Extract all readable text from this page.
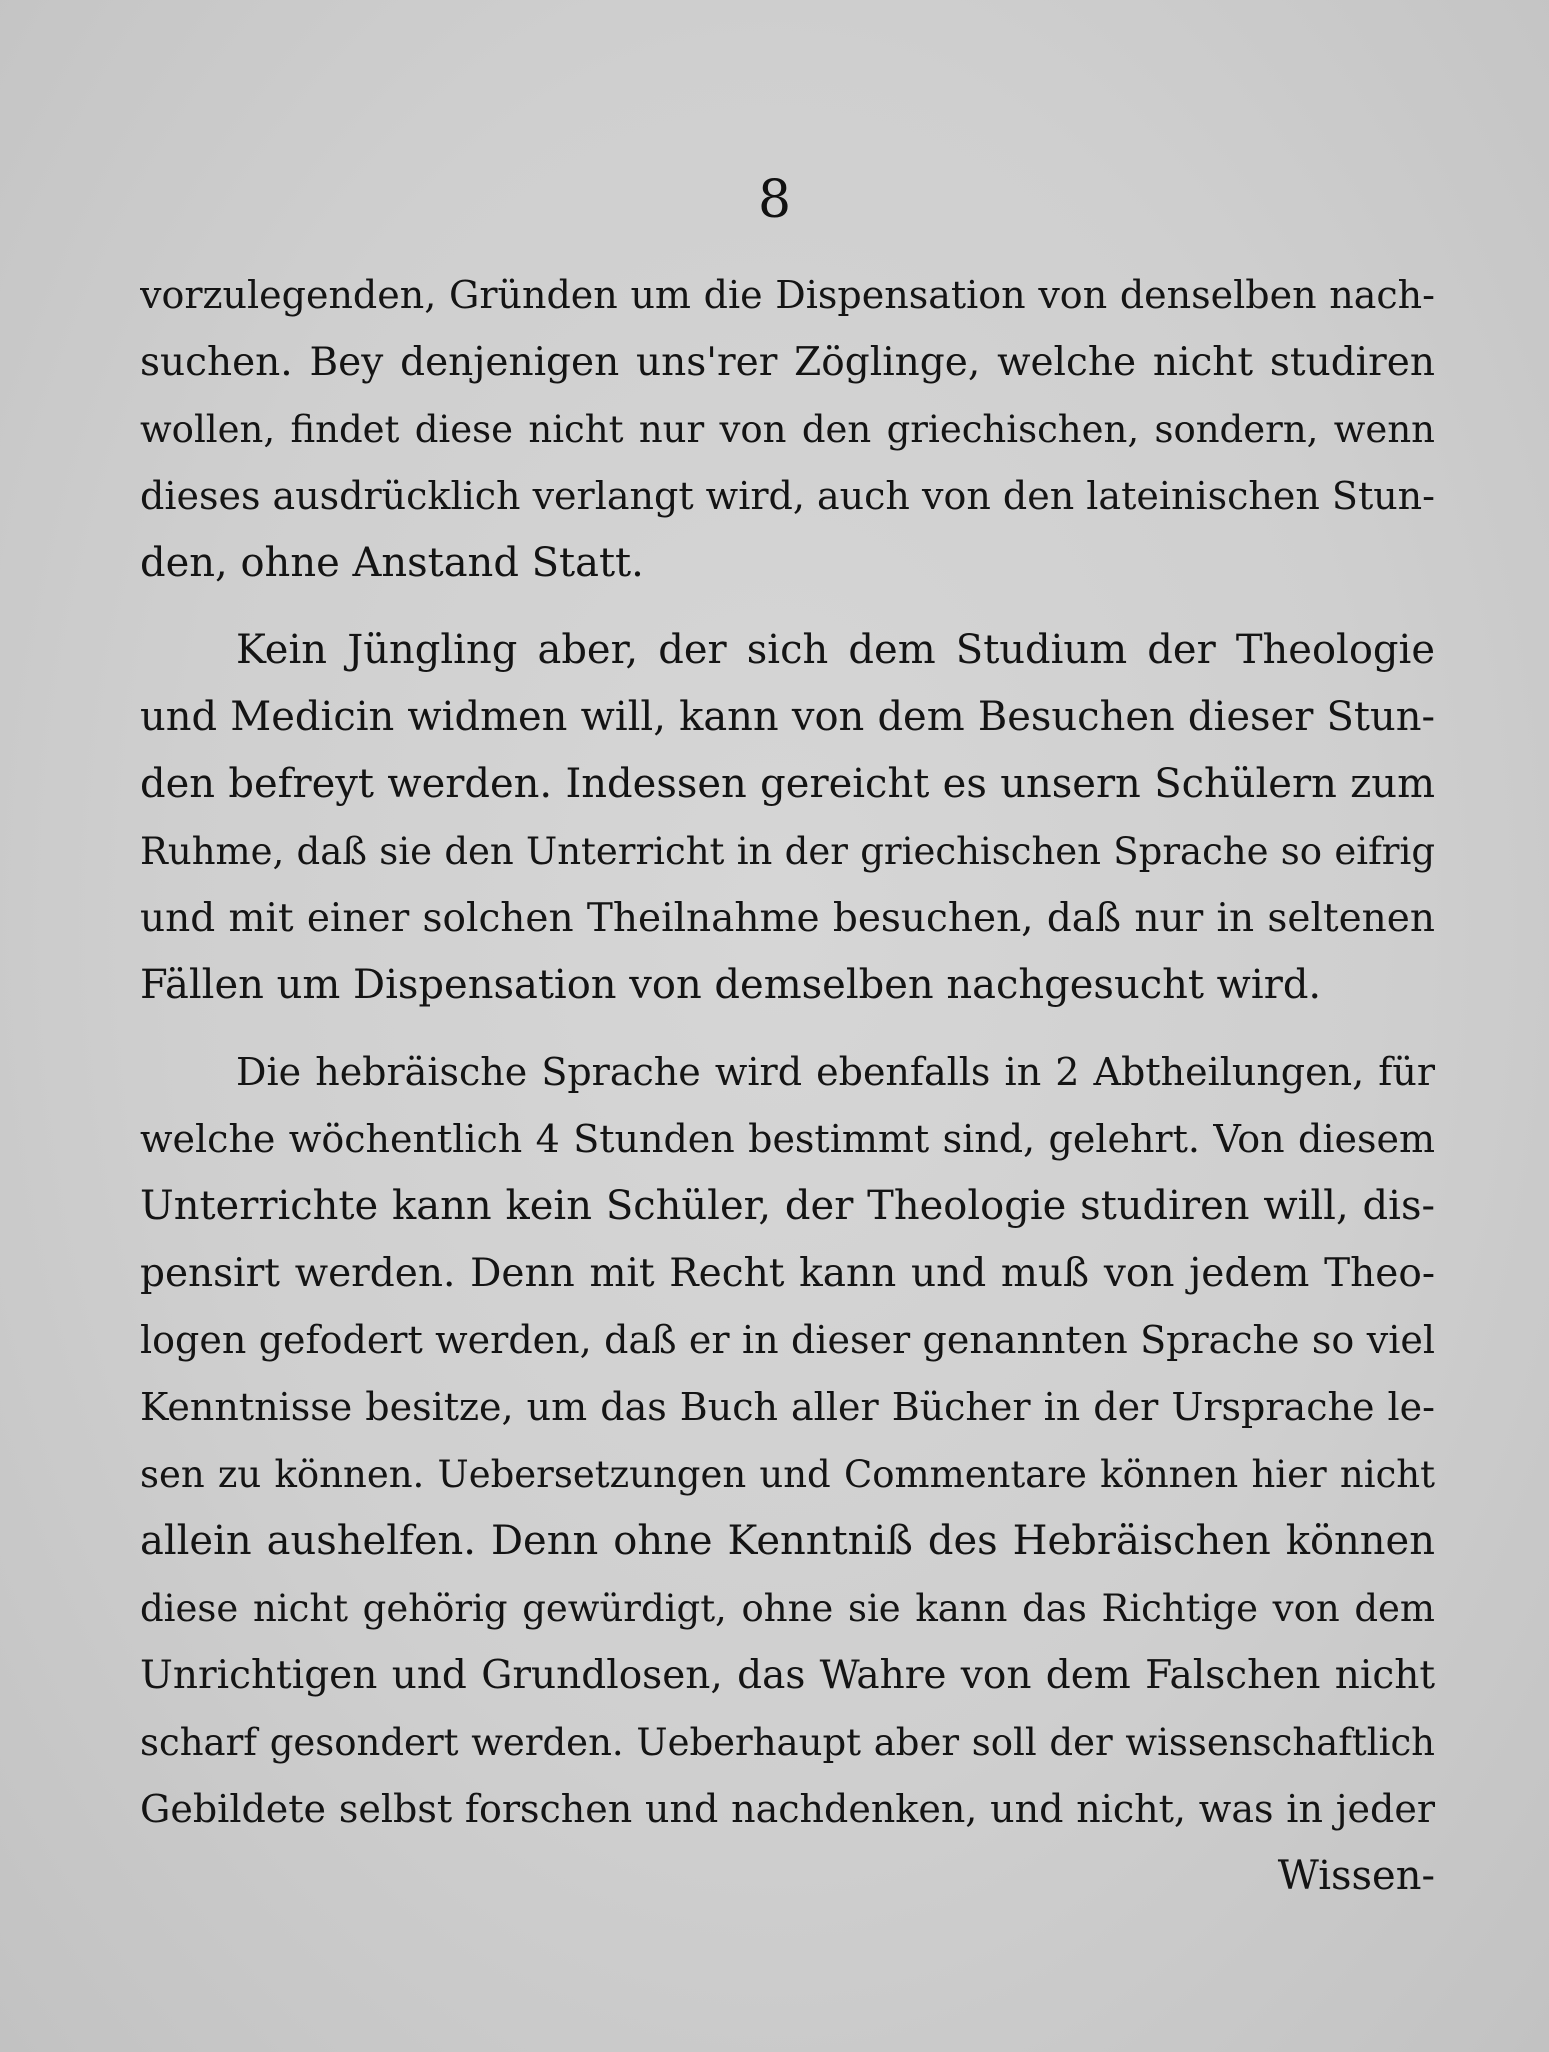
8
vorzulegenden, Gründen um die Dispensation von denselben nach-
suchen. Bey denjenigen uns'rer Zöglinge, welche nicht studiren
wollen, findet diese nicht nur von den griechischen, sondern, wenn
dieses ausdrücklich verlangt wird, auch von den lateinischen Stun-
den, ohne Anstand Statt.
Kein Jüngling aber, der sich dem Studium der Theologie
und Medicin widmen will, kann von dem Besuchen dieser Stun-
den befreyt werden. Indessen gereicht es unsern Schülern zum
Ruhme, daß sie den Unterricht in der griechischen Sprache so eifrig
und mit einer solchen Theilnahme besuchen, daß nur in seltenen
Fällen um Dispensation von demselben nachgesucht wird.
Die hebräische Sprache wird ebenfalls in 2 Abtheilungen, für
welche wöchentlich 4 Stunden bestimmt sind, gelehrt. Von diesem
Unterrichte kann kein Schüler, der Theologie studiren will, dis-
pensirt werden. Denn mit Recht kann und muß von jedem Theo-
logen gefodert werden, daß er in dieser genannten Sprache so viel
Kenntnisse besitze, um das Buch aller Bücher in der Ursprache le-
sen zu können. Uebersetzungen und Commentare können hier nicht
allein aushelfen. Denn ohne Kenntniß des Hebräischen können
diese nicht gehörig gewürdigt, ohne sie kann das Richtige von dem
Unrichtigen und Grundlosen, das Wahre von dem Falschen nicht
scharf gesondert werden. Ueberhaupt aber soll der wissenschaftlich
Gebildete selbst forschen und nachdenken, und nicht, was in jeder
Wissen-
